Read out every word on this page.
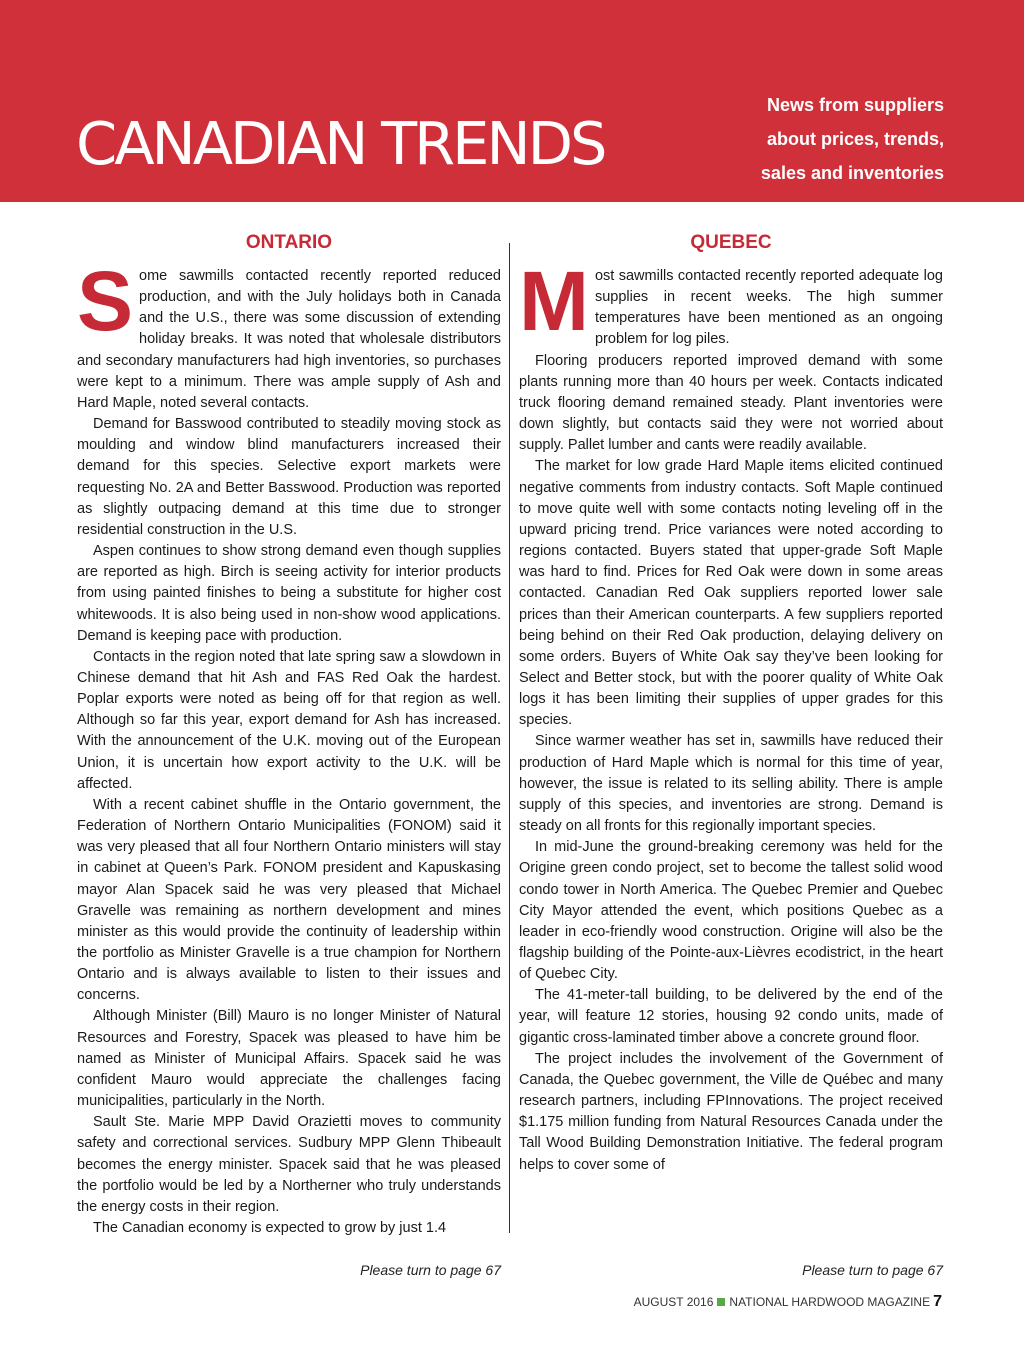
CANADIAN TRENDS
News from suppliers
about prices, trends,
sales and inventories
ONTARIO

Some sawmills contacted recently reported reduced production, and with the July holidays both in Canada and the U.S., there was some discussion of extending holiday breaks. It was noted that wholesale distributors and secondary manufacturers had high inventories, so purchases were kept to a minimum. There was ample supply of Ash and Hard Maple, noted several contacts.

Demand for Basswood contributed to steadily moving stock as moulding and window blind manufacturers increased their demand for this species. Selective export markets were requesting No. 2A and Better Basswood. Production was reported as slightly outpacing demand at this time due to stronger residential construction in the U.S.

Aspen continues to show strong demand even though supplies are reported as high. Birch is seeing activity for interior products from using painted finishes to being a substitute for higher cost whitewoods. It is also being used in non-show wood applications. Demand is keeping pace with production.

Contacts in the region noted that late spring saw a slowdown in Chinese demand that hit Ash and FAS Red Oak the hardest. Poplar exports were noted as being off for that region as well. Although so far this year, export demand for Ash has increased. With the announcement of the U.K. moving out of the European Union, it is uncertain how export activity to the U.K. will be affected.

With a recent cabinet shuffle in the Ontario government, the Federation of Northern Ontario Municipalities (FONOM) said it was very pleased that all four Northern Ontario ministers will stay in cabinet at Queen’s Park. FONOM president and Kapuskasing mayor Alan Spacek said he was very pleased that Michael Gravelle was remaining as northern development and mines minister as this would provide the continuity of leadership within the portfolio as Minister Gravelle is a true champion for Northern Ontario and is always available to listen to their issues and concerns.

Although Minister (Bill) Mauro is no longer Minister of Natural Resources and Forestry, Spacek was pleased to have him be named as Minister of Municipal Affairs. Spacek said he was confident Mauro would appreciate the challenges facing municipalities, particularly in the North.

Sault Ste. Marie MPP David Orazietti moves to community safety and correctional services. Sudbury MPP Glenn Thibeault becomes the energy minister. Spacek said that he was pleased the portfolio would be led by a Northerner who truly understands the energy costs in their region.

The Canadian economy is expected to grow by just 1.4

QUEBEC

Most sawmills contacted recently reported adequate log supplies in recent weeks. The high summer temperatures have been mentioned as an ongoing problem for log piles.

Flooring producers reported improved demand with some plants running more than 40 hours per week. Contacts indicated truck flooring demand remained steady. Plant inventories were down slightly, but contacts said they were not worried about supply. Pallet lumber and cants were readily available.

The market for low grade Hard Maple items elicited continued negative comments from industry contacts. Soft Maple continued to move quite well with some contacts noting leveling off in the upward pricing trend. Price variances were noted according to regions contacted. Buyers stated that upper-grade Soft Maple was hard to find. Prices for Red Oak were down in some areas contacted. Canadian Red Oak suppliers reported lower sale prices than their American counterparts. A few suppliers reported being behind on their Red Oak production, delaying delivery on some orders. Buyers of White Oak say they’ve been looking for Select and Better stock, but with the poorer quality of White Oak logs it has been limiting their supplies of upper grades for this species.

Since warmer weather has set in, sawmills have reduced their production of Hard Maple which is normal for this time of year, however, the issue is related to its selling ability. There is ample supply of this species, and inventories are strong. Demand is steady on all fronts for this regionally important species.

In mid-June the ground-breaking ceremony was held for the Origine green condo project, set to become the tallest solid wood condo tower in North America. The Quebec Premier and Quebec City Mayor attended the event, which positions Quebec as a leader in eco-friendly wood construction. Origine will also be the flagship building of the Pointe-aux-Lièvres ecodistrict, in the heart of Quebec City.

The 41-meter-tall building, to be delivered by the end of the year, will feature 12 stories, housing 92 condo units, made of gigantic cross-laminated timber above a concrete ground floor.

The project includes the involvement of the Government of Canada, the Quebec government, the Ville de Québec and many research partners, including FPInnovations. The project received $1.175 million funding from Natural Resources Canada under the Tall Wood Building Demonstration Initiative. The federal program helps to cover some of

Please turn to page 67	Please turn to page 67
AUGUST 2016 NATIONAL HARDWOOD MAGAZINE 7
